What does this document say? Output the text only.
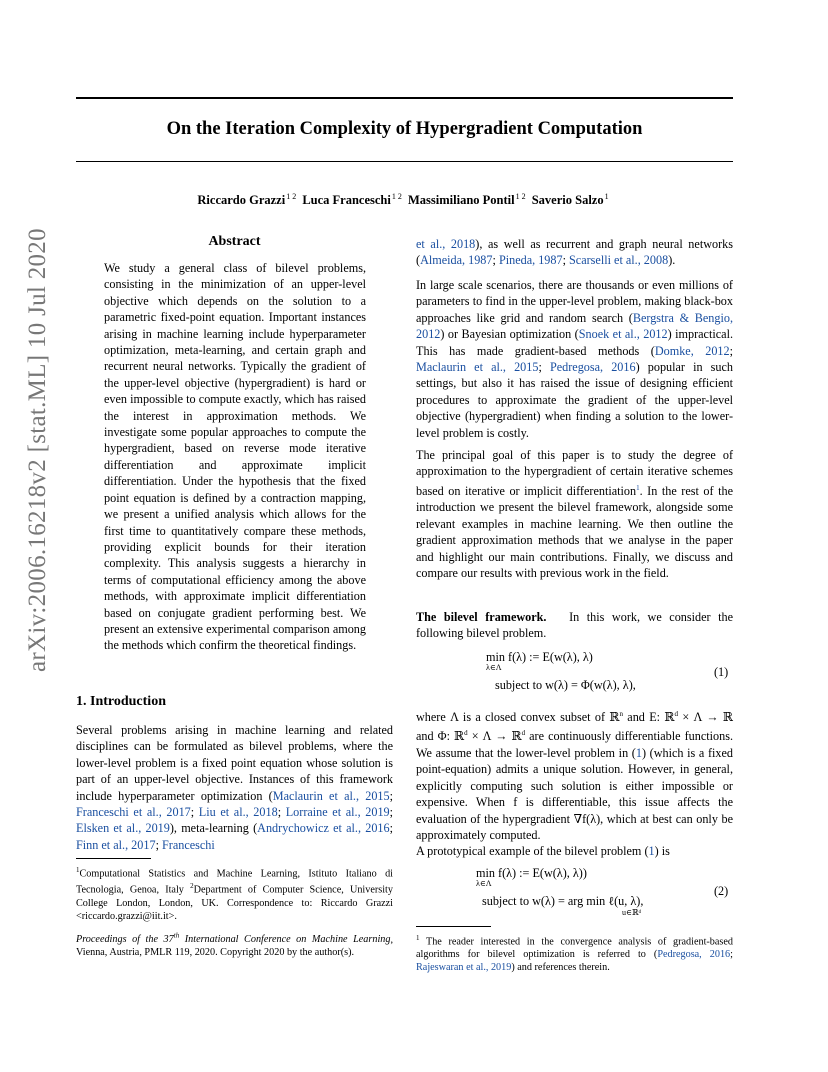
arXiv:2006.16218v2 [stat.ML] 10 Jul 2020
On the Iteration Complexity of Hypergradient Computation
Riccardo Grazzi$^{1 2}$ Luca Franceschi$^{1 2}$ Massimiliano Pontil$^{1 2}$ Saverio Salzo$^1$
Abstract
We study a general class of bilevel problems, consisting in the minimization of an upper-level objective which depends on the solution to a parametric fixed-point equation. Important instances arising in machine learning include hyperparameter optimization, meta-learning, and certain graph and recurrent neural networks. Typically the gradient of the upper-level objective (hypergradient) is hard or even impossible to compute exactly, which has raised the interest in approximation methods. We investigate some popular approaches to compute the hypergradient, based on reverse mode iterative differentiation and approximate implicit differentiation. Under the hypothesis that the fixed point equation is defined by a contraction mapping, we present a unified analysis which allows for the first time to quantitatively compare these methods, providing explicit bounds for their iteration complexity. This analysis suggests a hierarchy in terms of computational efficiency among the above methods, with approximate implicit differentiation based on conjugate gradient performing best. We present an extensive experimental comparison among the methods which confirm the theoretical findings.
1. Introduction
Several problems arising in machine learning and related disciplines can be formulated as bilevel problems, where the lower-level problem is a fixed point equation whose solution is part of an upper-level objective. Instances of this framework include hyperparameter optimization (Maclaurin et al., 2015; Franceschi et al., 2017; Liu et al., 2018; Lorraine et al., 2019; Elsken et al., 2019), meta-learning (Andrychowicz et al., 2016; Finn et al., 2017; Franceschi
$^1$Computational Statistics and Machine Learning, Istituto Italiano di Tecnologia, Genoa, Italy $^2$Department of Computer Science, University College London, London, UK. Correspondence to: Riccardo Grazzi <riccardo.grazzi@iit.it>.
Proceedings of the 37th International Conference on Machine Learning, Vienna, Austria, PMLR 119, 2020. Copyright 2020 by the author(s).
et al., 2018), as well as recurrent and graph neural networks (Almeida, 1987; Pineda, 1987; Scarselli et al., 2008).
In large scale scenarios, there are thousands or even millions of parameters to find in the upper-level problem, making black-box approaches like grid and random search (Bergstra & Bengio, 2012) or Bayesian optimization (Snoek et al., 2012) impractical. This has made gradient-based methods (Domke, 2012; Maclaurin et al., 2015; Pedregosa, 2016) popular in such settings, but also it has raised the issue of designing efficient procedures to approximate the gradient of the upper-level objective (hypergradient) when finding a solution to the lower-level problem is costly.
The principal goal of this paper is to study the degree of approximation to the hypergradient of certain iterative schemes based on iterative or implicit differentiation$^1$. In the rest of the introduction we present the bilevel framework, alongside some relevant examples in machine learning. We then outline the gradient approximation methods that we analyse in the paper and highlight our main contributions. Finally, we discuss and compare our results with previous work in the field.
The bilevel framework. In this work, we consider the following bilevel problem.
min f(λ) := E(w(λ), λ)
λ∈Λ
subject to w(λ) = Φ(w(λ), λ),
(1)
where Λ is a closed convex subset of ℝ$^n$ and E: ℝ$^d$ × Λ → ℝ and Φ: ℝ$^d$ × Λ → ℝ$^d$ are continuously differentiable functions. We assume that the lower-level problem in (1) (which is a fixed point-equation) admits a unique solution. However, in general, explicitly computing such solution is either impossible or expensive. When f is differentiable, this issue affects the evaluation of the hypergradient ∇f(λ), which at best can only be approximately computed.
A prototypical example of the bilevel problem (1) is
min f(λ) := E(w(λ), λ))
λ∈Λ
subject to w(λ) = arg min ℓ(u, λ),
u∈ℝᵈ
(2)
$^1$ The reader interested in the convergence analysis of gradient-based algorithms for bilevel optimization is referred to (Pedregosa, 2016; Rajeswaran et al., 2019) and references therein.
